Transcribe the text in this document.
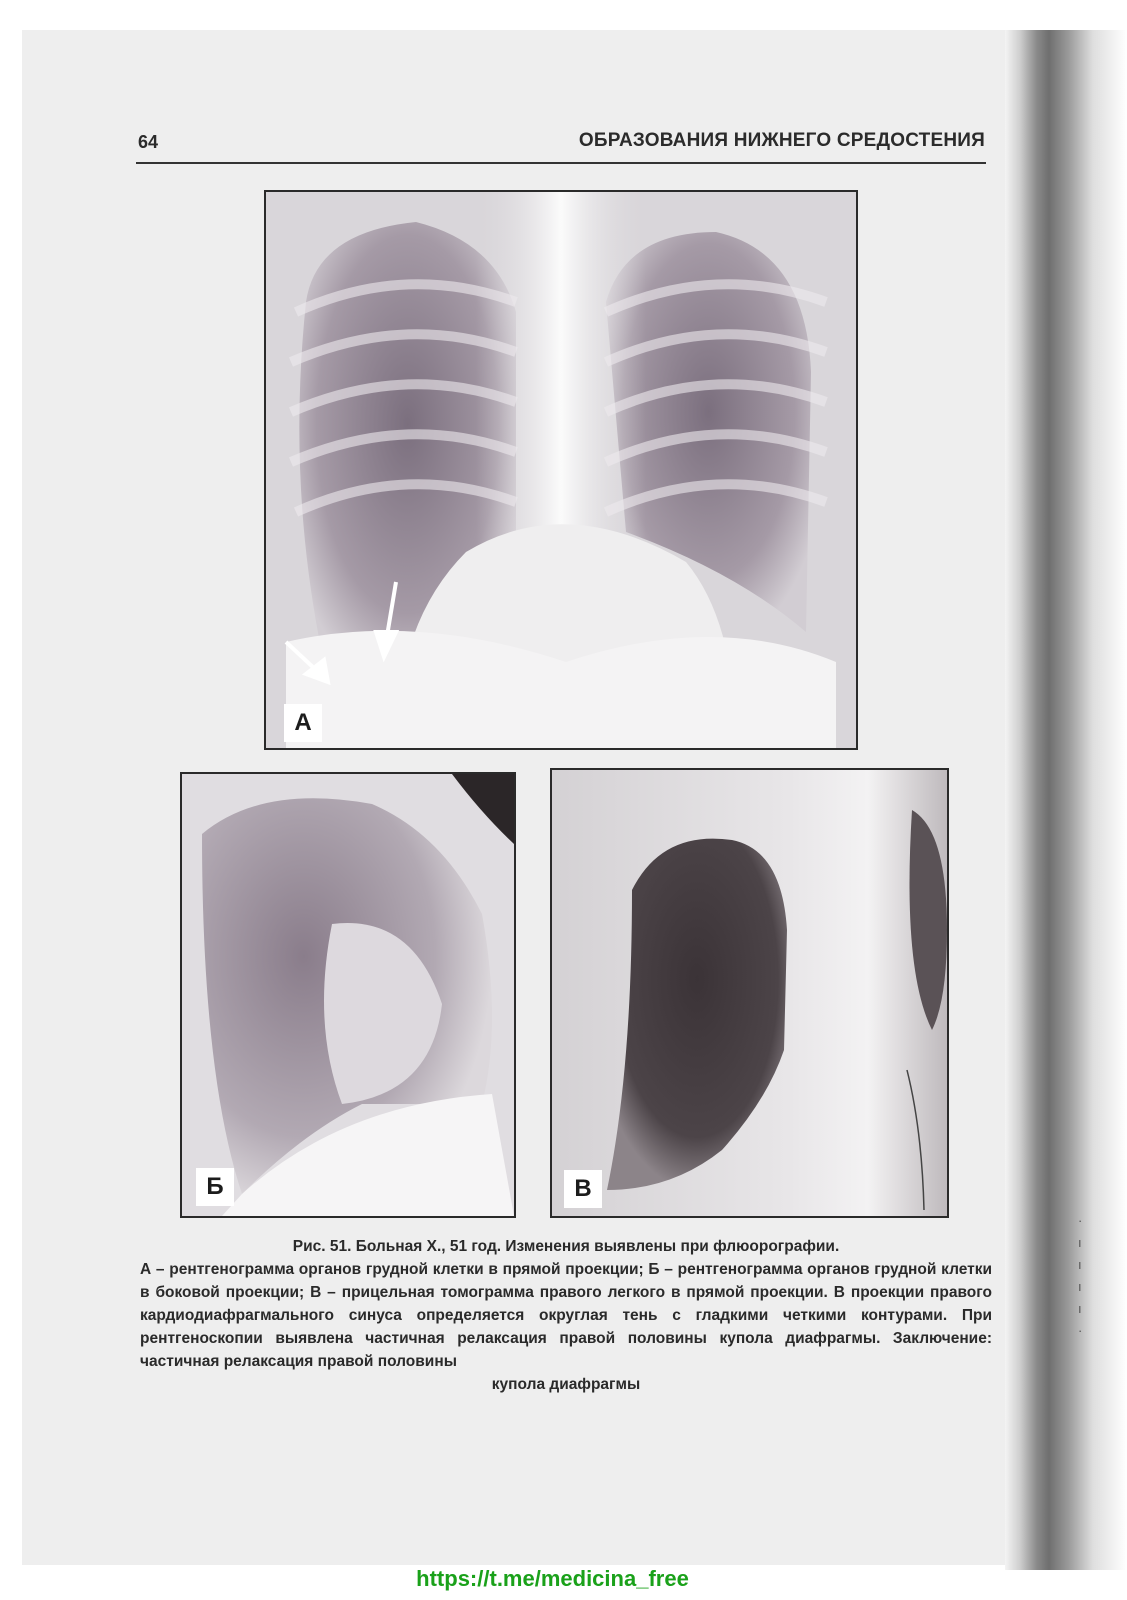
64	ОБРАЗОВАНИЯ НИЖНЕГО СРЕДОСТЕНИЯ
А
Б	В
Рис. 51. Больная Х., 51 год. Изменения выявлены при флюорографии.
А – рентгенограмма органов грудной клетки в прямой проекции; Б – рентгенограмма органов грудной клетки в боковой проекции; В – прицельная томограмма правого легкого в прямой проекции. В проекции правого кардиодиафрагмального синуса определяется округлая тень с гладкими четкими контурами. При рентгеноскопии выявлена частичная релаксация правой половины купола диафрагмы. Заключение: частичная релаксация правой половины
купола диафрагмы
·
ı
ı
ı
ı
·
https://t.me/medicina_free
